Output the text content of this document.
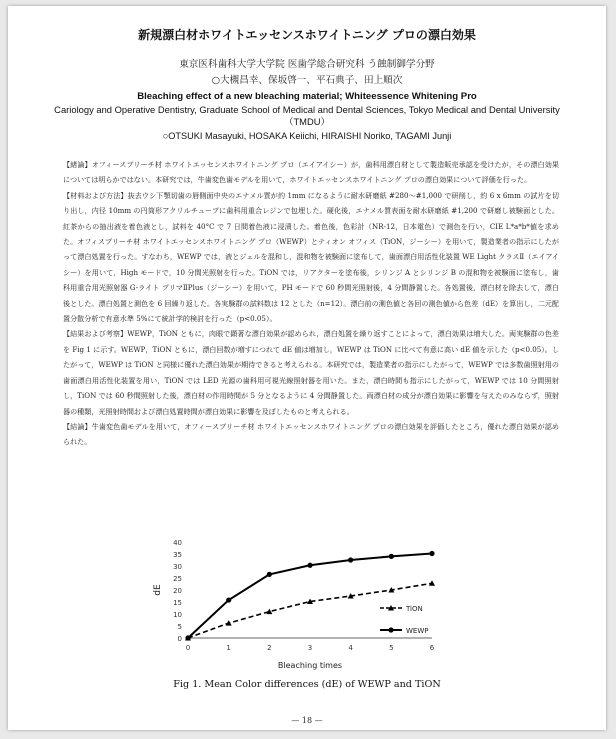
新規漂白材ホワイトエッセンスホワイトニング プロの漂白効果
東京医科歯科大学大学院 医歯学総合研究科 う蝕制御学分野
○大槻昌幸、保坂啓一、平石典子、田上順次
Bleaching effect of a new bleaching material; Whiteessence Whitening Pro
Cariology and Operative Dentistry, Graduate School of Medical and Dental Sciences, Tokyo Medical and Dental University （TMDU）
○OTSUKI Masayuki, HOSAKA Keiichi, HIRAISHI Noriko, TAGAMI Junji

【緒論】オフィースブリーチ材 ホワイトエッセンスホワイトニング プロ（エイアイシー）が，歯科用漂白材として製造販売承認を受けたが，その漂白効果については明らかではない。本研究では，牛歯変色歯モデルを用いて，ホワイトエッセンスホワイトニング プロの漂白効果について評価を行った。

【材料および方法】抜去ウシ下顎切歯の唇側面中央のエナメル質が約 1mm になるように耐水研磨紙 #280～#1,000 で研削し，約 6 x 6mm の試片を切り出し，内径 10mm の円筒形アクリルチューブに歯科用重合レジンで包埋した。硬化後，エナメル質表面を耐水研磨紙 #1,200 で研磨し被験面とした。紅茶からの抽出液を着色液とし，試料を 40°C で 7 日間着色液に浸漬した。着色後，色彩計（NR-12，日本電色）で測色を行い，CIE L*a*b*値を求めた。オフィスブリーチ材 ホワイトエッセンスホワイトニング プロ（WEWP）とティオン オフィス（TiON，ジーシー）を用いて，製造業者の指示にしたがって漂白処置を行った。すなわち，WEWP では，液とジェルを混和し，混和物を被験面に塗布して，歯面漂白用活性化装置 WE Light クラスⅡ（エイアイシー）を用いて，High モードで，10 分間光照射を行った。TiON では，リアクターを塗布後，シリンジ A とシリンジ B の混和物を被験面に塗布し，歯科用重合用光照射器 G-ライト プリマⅡPlus（ジーシー）を用いて，PH モードで 60 秒間光照射後，4 分間静置した。各処置後，漂白材を除去して，漂白後とした。漂白処置と測色を 6 回繰り返した。各実験群の試料数は 12 とした（n=12）。漂白前の測色値と各回の測色値から色差（dE）を算出し，二元配置分散分析で有意水準 5%にて統計学的検討を行った（p<0.05）。

【結果および考察】WEWP，TiON ともに，肉眼で顕著な漂白効果が認められ，漂白処置を繰り返すことによって，漂白効果は増大した。両実験群の色差を Fig 1 に示す。WEWP，TiON ともに，漂白回数が増すにつれて dE 値は増加し，WEWP は TiON に比べて有意に高い dE 値を示した（p<0.05）。したがって，WEWP は TiON と同様に優れた漂白効果が期待できると考えられる。本研究では，製造業者の指示にしたがって，WEWP では多数歯照射用の歯面漂白用活性化装置を用い，TiON では LED 光源の歯科用可視光線照射器を用いた。また，漂白時間も指示にしたがって，WEWP では 10 分間照射し，TiON では 60 秒間照射した後，漂白材の作用時間が 5 分となるように 4 分間静置した。両漂白材の成分が漂白効果に影響を与えたのみならず，照射器の種類，光照射時間および漂白処置時間が漂白効果に影響を及ぼしたものと考えられる。

【結論】牛歯変色歯モデルを用いて，オフィースブリーチ材 ホワイトエッセンスホワイトニング プロの漂白効果を評価したところ，優れた漂白効果が認められた。

0
5
10
15
20
25
30
35
40
0	1	2	3	4	5	6
dE
Bleaching times
TiON
WEWP
Fig 1. Mean Color differences (dE) of WEWP and TiON
— 18 —
